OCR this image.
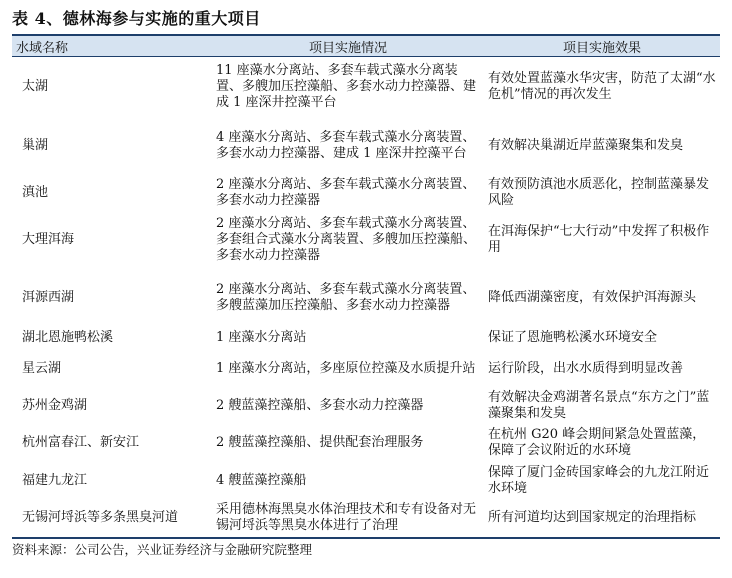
表 4、德林海参与实施的重大项目
水域名称	项目实施情况	项目实施效果
太湖	11 座藻水分离站、多套车载式藻水分离装置、多艘加压控藻船、多套水动力控藻器、建成 1 座深井控藻平台	有效处置蓝藻水华灾害，防范了太湖“水危机”情况的再次发生
巢湖	4 座藻水分离站、多套车载式藻水分离装置、多套水动力控藻器、建成 1 座深井控藻平台	有效解决巢湖近岸蓝藻聚集和发臭
滇池	2 座藻水分离站、多套车载式藻水分离装置、多套水动力控藻器	有效预防滇池水质恶化，控制蓝藻暴发风险
大理洱海	2 座藻水分离站、多套车载式藻水分离装置、多套组合式藻水分离装置、多艘加压控藻船、多套水动力控藻器	在洱海保护“七大行动”中发挥了积极作用
洱源西湖	2 座藻水分离站、多套车载式藻水分离装置、多艘蓝藻加压控藻船、多套水动力控藻器	降低西湖藻密度，有效保护洱海源头
湖北恩施鸭松溪	1 座藻水分离站	保证了恩施鸭松溪水环境安全
星云湖	1 座藻水分离站，多座原位控藻及水质提升站	运行阶段，出水水质得到明显改善
苏州金鸡湖	2 艘蓝藻控藻船、多套水动力控藻器	有效解决金鸡湖著名景点“东方之门”蓝藻聚集和发臭
杭州富春江、新安江	2 艘蓝藻控藻船、提供配套治理服务	在杭州 G20 峰会期间紧急处置蓝藻，保障了会议附近的水环境
福建九龙江	4 艘蓝藻控藻船	保障了厦门金砖国家峰会的九龙江附近水环境
无锡河埒浜等多条黑臭河道	采用德林海黑臭水体治理技术和专有设备对无锡河埒浜等黑臭水体进行了治理	所有河道均达到国家规定的治理指标
资料来源：公司公告，兴业证券经济与金融研究院整理
